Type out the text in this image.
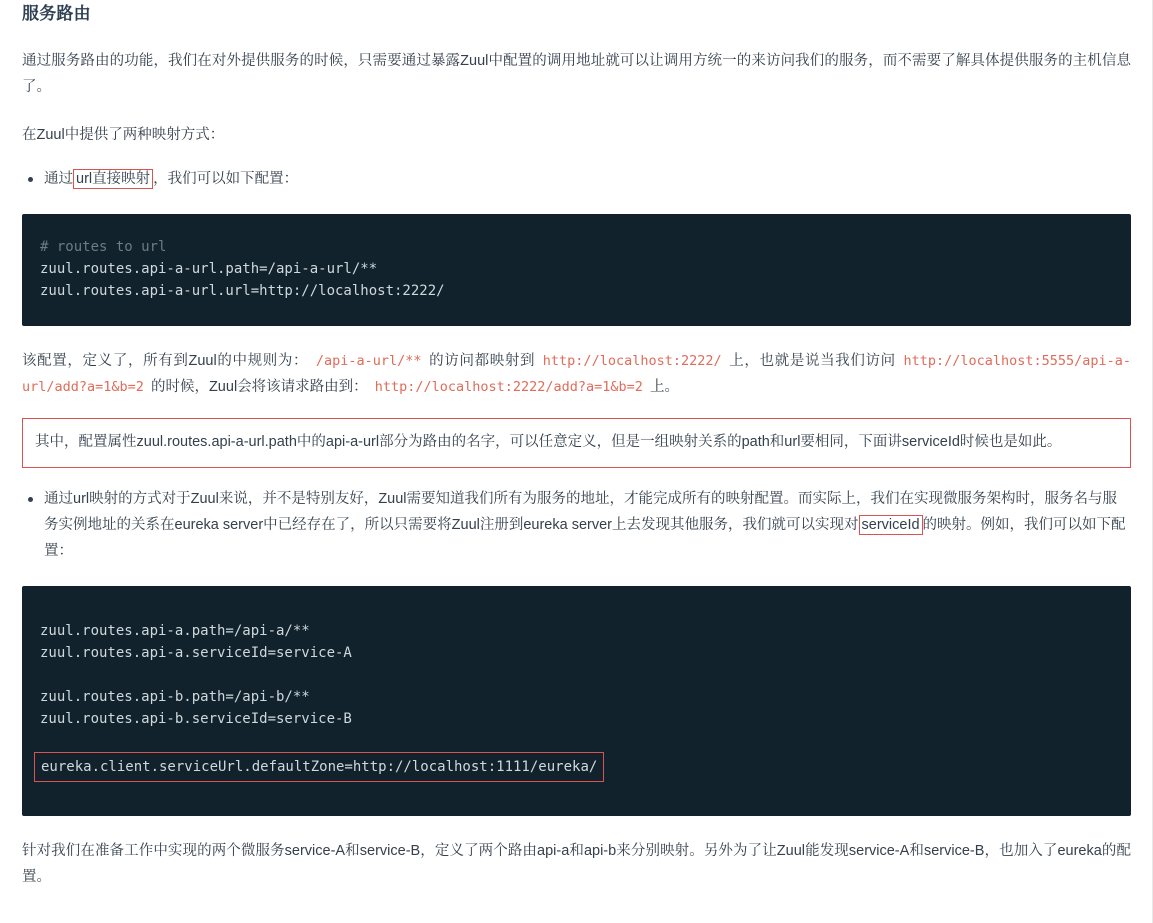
服务路由

通过服务路由的功能，我们在对外提供服务的时候，只需要通过暴露Zuul中配置的调用地址就可以让调用方统一的来访问我们的服务，而不需要了解具体提供服务的主机信息了。

在Zuul中提供了两种映射方式：

通过 url直接映射 ，我们可以如下配置：
# routes to url
zuul.routes.api-a-url.path=/api-a-url/**
zuul.routes.api-a-url.url=http://localhost:2222/

该配置，定义了，所有到Zuul的中规则为： /api-a-url/** 的访问都映射到 http://localhost:2222/ 上，也就是说当我们访问 http://localhost:5555/api-a-url/add?a=1&b=2 的时候，Zuul会将该请求路由到： http://localhost:2222/add?a=1&b=2 上。

其中，配置属性zuul.routes.api-a-url.path中的api-a-url部分为路由的名字，可以任意定义，但是一组映射关系的path和url要相同，下面讲serviceId时候也是如此。
通过url映射的方式对于Zuul来说，并不是特别友好，Zuul需要知道我们所有为服务的地址，才能完成所有的映射配置。而实际上，我们在实现微服务架构时，服务名与服务实例地址的关系在eureka server中已经存在了，所以只需要将Zuul注册到eureka server上去发现其他服务，我们就可以实现对 serviceId 的映射。例如，我们可以如下配置：
zuul.routes.api-a.path=/api-a/**
zuul.routes.api-a.serviceId=service-A

zuul.routes.api-b.path=/api-b/**
zuul.routes.api-b.serviceId=service-B

eureka.client.serviceUrl.defaultZone=http://localhost:1111/eureka/

针对我们在准备工作中实现的两个微服务service-A和service-B，定义了两个路由api-a和api-b来分别映射。另外为了让Zuul能发现service-A和service-B，也加入了eureka的配置。
